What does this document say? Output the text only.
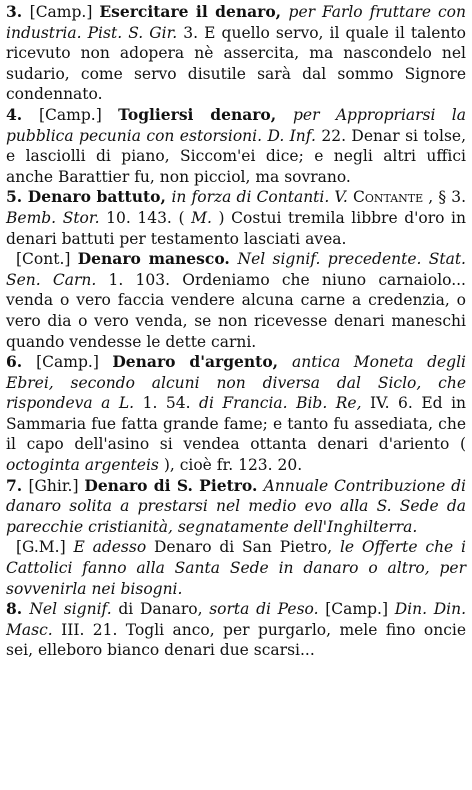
3. [Camp.] Esercitare il denaro, per Farlo fruttare con industria. Pist. S. Gir. 3. E quello servo, il quale il talento ricevuto non adopera nè assercita, ma nascondelo nel sudario, come servo disutile sarà dal sommo Signore condennato.

4. [Camp.] Togliersi denaro, per Appropriarsi la pubblica pecunia con estorsioni. D. Inf. 22. Denar si tolse, e lasciolli di piano, Siccom'ei dice; e negli altri uffici anche Barattier fu, non picciol, ma sovrano.

5. Denaro battuto, in forza di Contanti. V. Contante , § 3. Bemb. Stor. 10. 143. ( M. ) Costui tremila libbre d'oro in denari battuti per testamento lasciati avea.

[Cont.] Denaro manesco. Nel signif. precedente. Stat. Sen. Carn. 1. 103. Ordeniamo che niuno carnaiolo... venda o vero faccia vendere alcuna carne a credenzia, o vero dia o vero venda, se non ricevesse denari maneschi quando vendesse le dette carni.

6. [Camp.] Denaro d'argento, antica Moneta degli Ebrei, secondo alcuni non diversa dal Siclo, che rispondeva a L. 1. 54. di Francia. Bib. Re, IV. 6. Ed in Sammaria fue fatta grande fame; e tanto fu assediata, che il capo dell'asino si vendea ottanta denari d'ariento ( octoginta argenteis ), cioè fr. 123. 20.

7. [Ghir.] Denaro di S. Pietro. Annuale Contribuzione di danaro solita a prestarsi nel medio evo alla S. Sede da parecchie cristianità, segnatamente dell'Inghilterra.

[G.M.] E adesso Denaro di San Pietro, le Offerte che i Cattolici fanno alla Santa Sede in danaro o altro, per sovvenirla nei bisogni.

8. Nel signif. di Danaro, sorta di Peso. [Camp.] Din. Din. Masc. III. 21. Togli anco, per purgarlo, mele fino oncie sei, elleboro bianco denari due scarsi...
